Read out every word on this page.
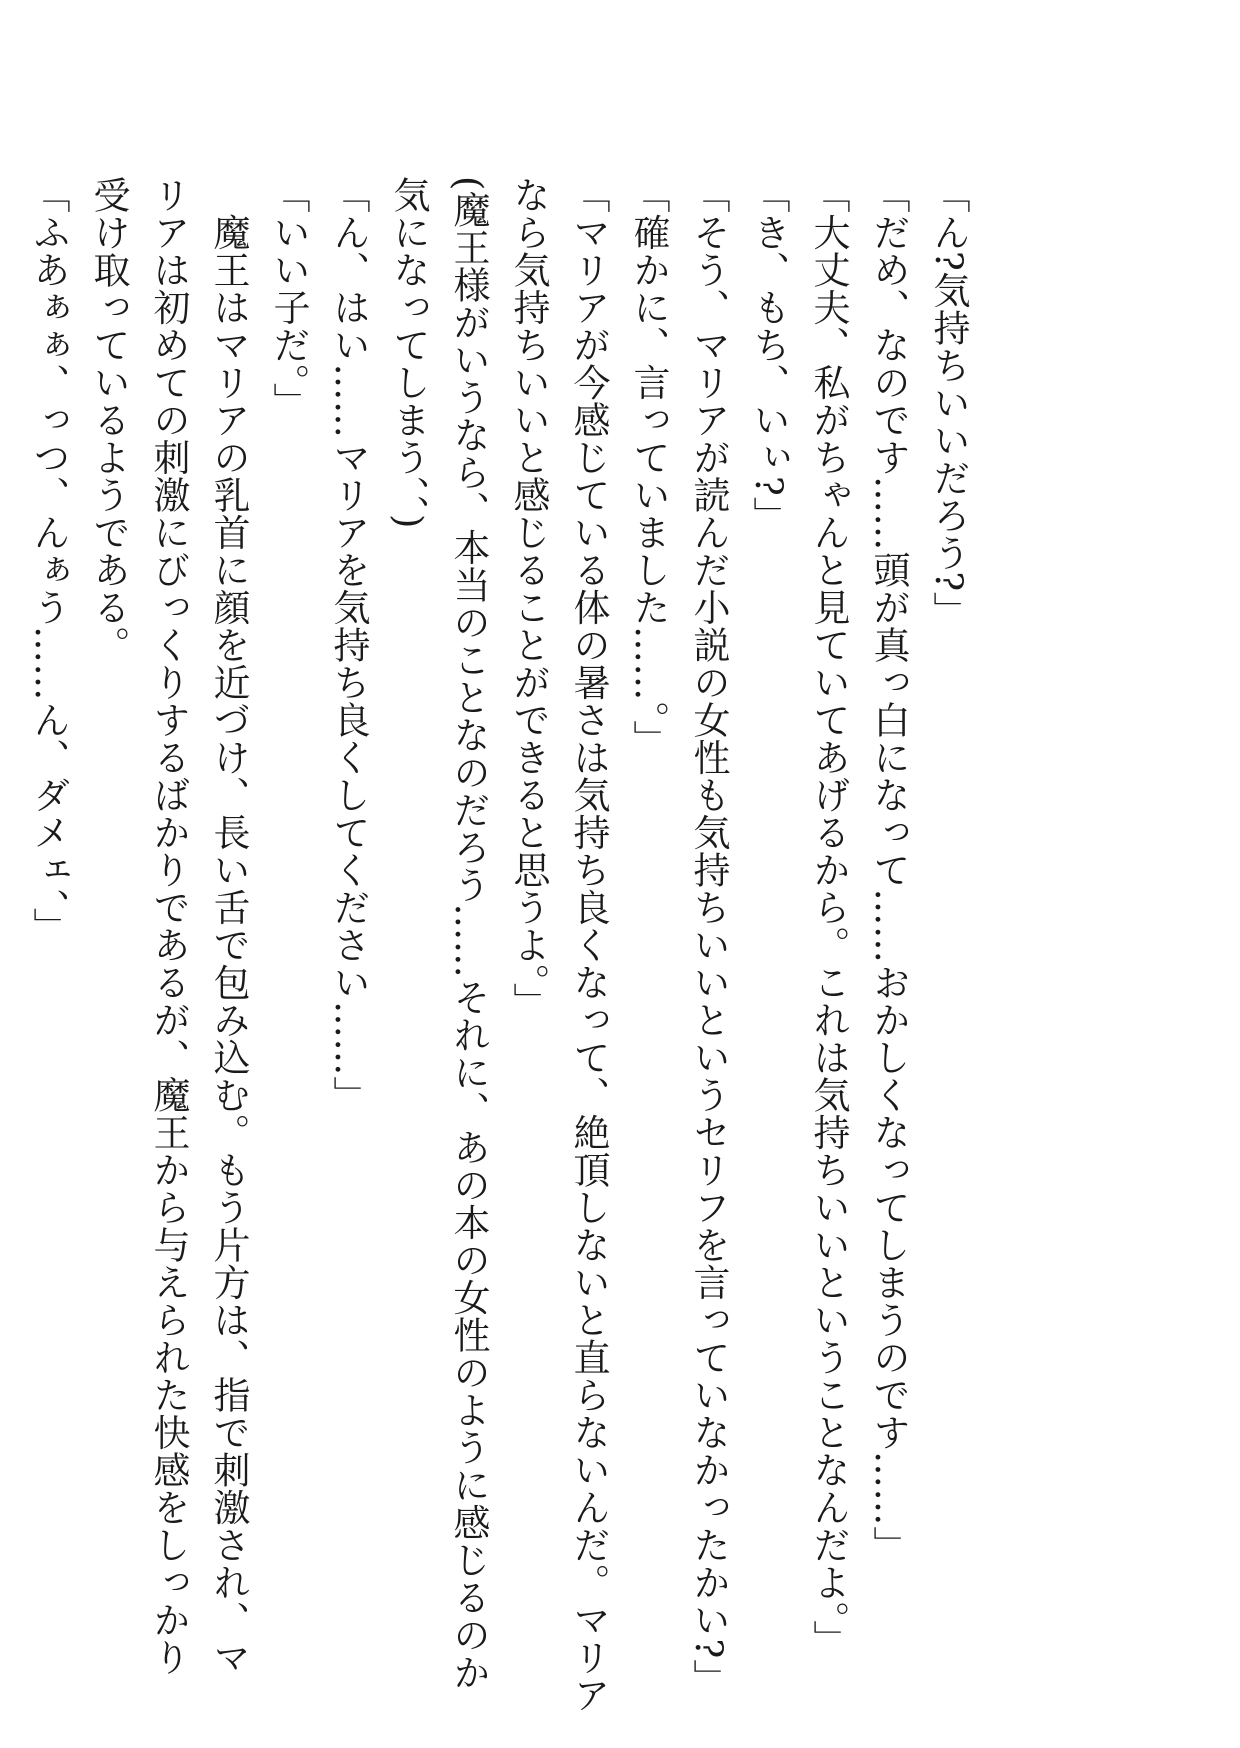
「ん?気持ちいいだろう?」
「だめ、なのです……頭が真っ白になって……おかしくなってしまうのです……」
「大丈夫、私がちゃんと見ていてあげるから。これは気持ちいいということなんだよ。」
「き、もち、いぃ?」
「そう、マリアが読んだ小説の女性も気持ちいいというセリフを言っていなかったかい?」
「確かに、言っていました……。」
「マリアが今感じている体の暑さは気持ち良くなって、絶頂しないと直らないんだ。マリア
なら気持ちいいと感じることができると思うよ。」
(魔王様がいうなら、本当のことなのだろう……それに、あの本の女性のように感じるのか
気になってしまう、、)
「ん、はい……マリアを気持ち良くしてください……」
「いい子だ。」
　魔王はマリアの乳首に顔を近づけ、長い舌で包み込む。もう片方は、指で刺激され、マ
リアは初めての刺激にびっくりするばかりであるが、魔王から与えられた快感をしっかり
受け取っているようである。
「ふあぁぁ、っつ、んぁう……ん、ダメェ、」
